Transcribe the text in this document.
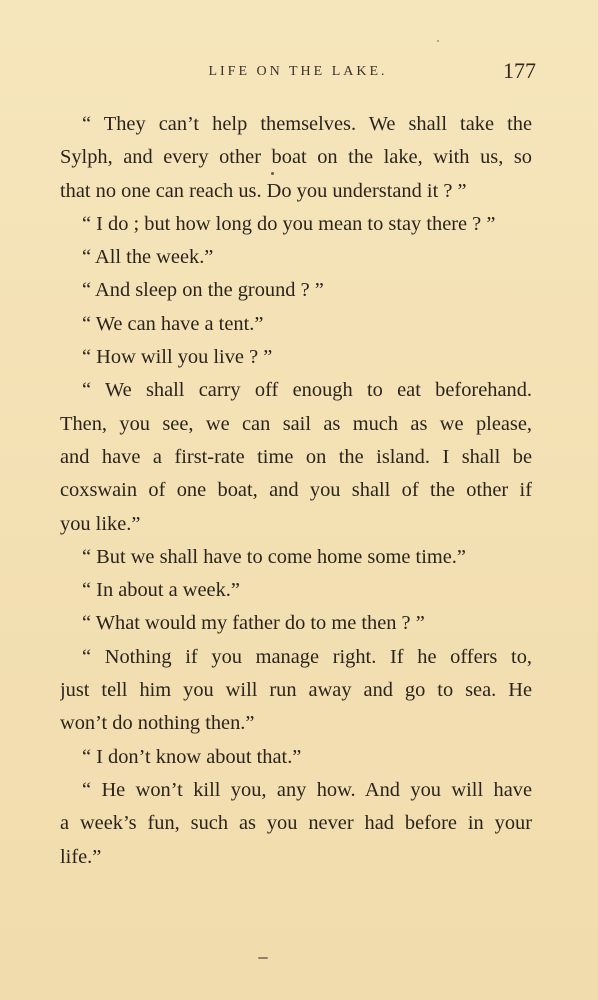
LIFE ON THE LAKE.	177
“ They can’t help themselves. We shall take the
Sylph, and every other boat on the lake, with us, so
that no one can reach us. Do you understand it ? ”
“ I do ; but how long do you mean to stay there ? ”
“ All the week.”
“ And sleep on the ground ? ”
“ We can have a tent.”
“ How will you live ? ”
“ We shall carry off enough to eat beforehand.
Then, you see, we can sail as much as we please,
and have a first-rate time on the island. I shall be
coxswain of one boat, and you shall of the other if
you like.”
“ But we shall have to come home some time.”
“ In about a week.”
“ What would my father do to me then ? ”
“ Nothing if you manage right. If he offers to,
just tell him you will run away and go to sea. He
won’t do nothing then.”
“ I don’t know about that.”
“ He won’t kill you, any how. And you will have
a week’s fun, such as you never had before in your
life.”
